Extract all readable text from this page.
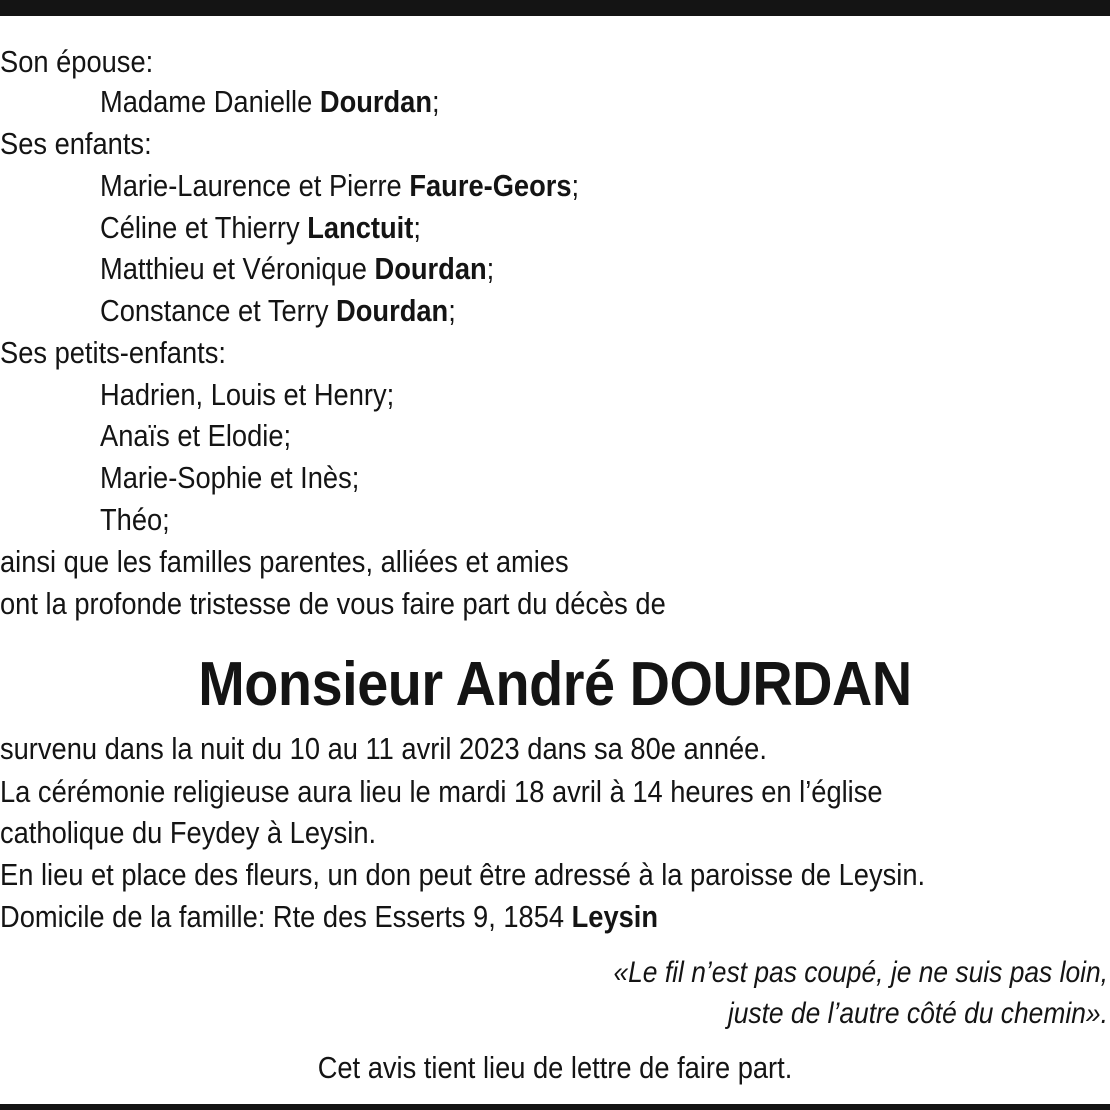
Son épouse:
Madame Danielle Dourdan;
Ses enfants:
Marie-Laurence et Pierre Faure-Geors;
Céline et Thierry Lanctuit;
Matthieu et Véronique Dourdan;
Constance et Terry Dourdan;
Ses petits-enfants:
Hadrien, Louis et Henry;
Anaïs et Elodie;
Marie-Sophie et Inès;
Théo;
ainsi que les familles parentes, alliées et amies
ont la profonde tristesse de vous faire part du décès de
Monsieur André DOURDAN
survenu dans la nuit du 10 au 11 avril 2023 dans sa 80e année.
La cérémonie religieuse aura lieu le mardi 18 avril à 14 heures en l’église
catholique du Feydey à Leysin.
En lieu et place des fleurs, un don peut être adressé à la paroisse de Leysin.
Domicile de la famille: Rte des Esserts 9, 1854 Leysin
«Le fil n’est pas coupé, je ne suis pas loin,
juste de l’autre côté du chemin».
Cet avis tient lieu de lettre de faire part.
